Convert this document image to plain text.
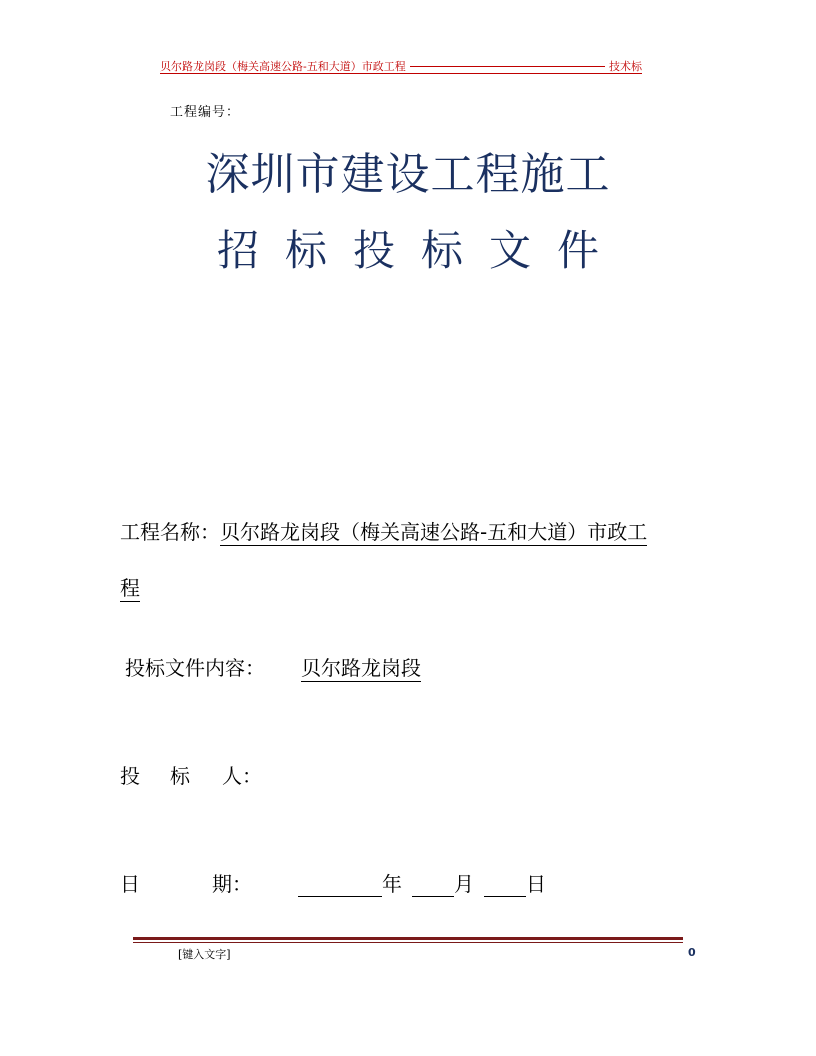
贝尔路龙岗段（梅关高速公路-五和大道）市政工程	技术标
工程编号：
深圳市建设工程施工
招标投标文件
工程名称：贝尔路龙岗段（梅关高速公路-五和大道）市政工
程
投标文件内容： 贝尔路龙岗段
投 标 人：
日	期：	年	月	日
[键入文字]	0
